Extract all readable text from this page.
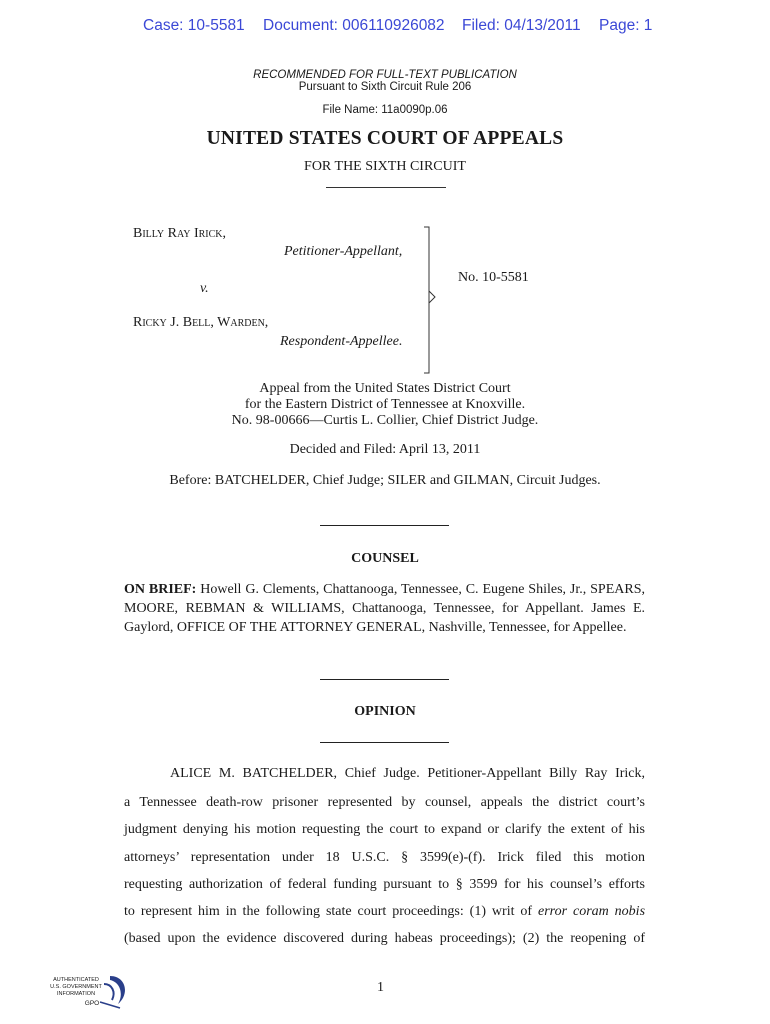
Case: 10-5581 Document: 006110926082 Filed: 04/13/2011 Page: 1
RECOMMENDED FOR FULL-TEXT PUBLICATION
Pursuant to Sixth Circuit Rule 206
File Name: 11a0090p.06
UNITED STATES COURT OF APPEALS
FOR THE SIXTH CIRCUIT
Billy Ray Irick,
Petitioner-Appellant,
v.
Ricky J. Bell, Warden,
Respondent-Appellee.
No. 10-5581
Appeal from the United States District Court
for the Eastern District of Tennessee at Knoxville.
No. 98-00666—Curtis L. Collier, Chief District Judge.
Decided and Filed: April 13, 2011
Before: BATCHELDER, Chief Judge; SILER and GILMAN, Circuit Judges.
COUNSEL
ON BRIEF: Howell G. Clements, Chattanooga, Tennessee, C. Eugene Shiles, Jr., SPEARS, MOORE, REBMAN & WILLIAMS, Chattanooga, Tennessee, for Appellant. James E. Gaylord, OFFICE OF THE ATTORNEY GENERAL, Nashville, Tennessee, for Appellee.
OPINION
ALICE M. BATCHELDER, Chief Judge. Petitioner-Appellant Billy Ray Irick,
a Tennessee death-row prisoner represented by counsel, appeals the district court’s
judgment denying his motion requesting the court to expand or clarify the extent of his
attorneys’ representation under 18 U.S.C. § 3599(e)-(f). Irick filed this motion
requesting authorization of federal funding pursuant to § 3599 for his counsel’s efforts
to represent him in the following state court proceedings: (1) writ of error coram nobis
(based upon the evidence discovered during habeas proceedings); (2) the reopening of
1
AUTHENTICATED
U.S. GOVERNMENT
INFORMATION
GPO
